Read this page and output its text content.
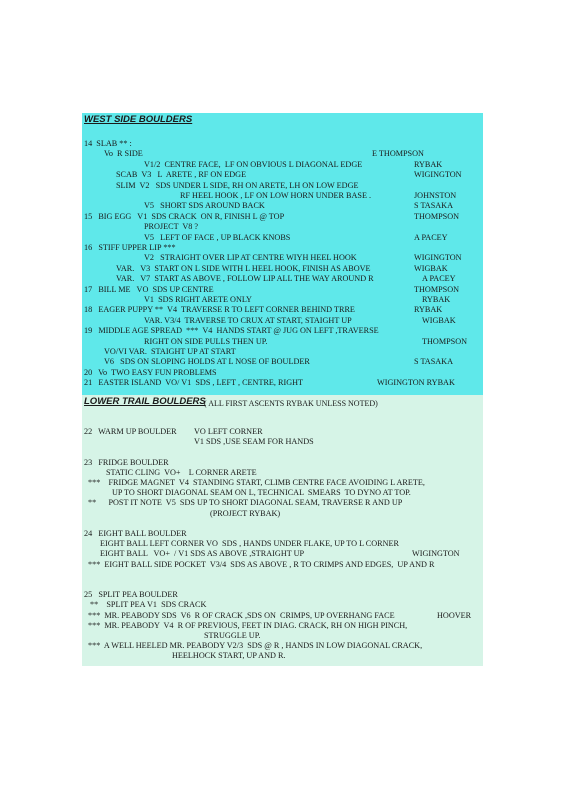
WEST SIDE BOULDERS

14  SLAB ** :
Vo  R SIDE	E THOMPSON
V1/2  CENTRE FACE,  LF ON OBVIOUS L DIAGONAL EDGE	RYBAK
SCAB  V3   L  ARETE , RF ON EDGE	WIGINGTON
SLIM  V2   SDS UNDER L SIDE, RH ON ARETE, LH ON LOW EDGE
RF HEEL HOOK , LF ON LOW HORN UNDER BASE .	JOHNSTON
V5   SHORT SDS AROUND BACK	S TASAKA
15   BIG EGG   V1  SDS CRACK  ON R, FINISH L @ TOP	THOMPSON
PROJECT  V8 ?
V5   LEFT OF FACE , UP BLACK KNOBS	A PACEY
16   STIFF UPPER LIP ***
V2   STRAIGHT OVER LIP AT CENTRE WIYH HEEL HOOK	WIGINGTON
VAR.   V3  START ON L SIDE WITH L HEEL HOOK, FINISH AS ABOVE	WIGBAK
VAR.   V7  START AS ABOVE , FOLLOW LIP ALL THE WAY AROUND R	A PACEY
17   BILL ME   VO  SDS UP CENTRE	THOMPSON
V1  SDS RIGHT ARETE ONLY	RYBAK
18   EAGER PUPPY **  V4  TRAVERSE R TO LEFT CORNER BEHIND TRRE	RYBAK
VAR. V3/4  TRAVERSE TO CRUX AT START, STAIGHT UP	WIGBAK
19   MIDDLE AGE SPREAD  ***  V4  HANDS START @ JUG ON LEFT ,TRAVERSE
RIGHT ON SIDE PULLS THEN UP.	THOMPSON
VO/VI VAR.  STAIGHT UP AT START
V6   SDS ON SLOPING HOLDS AT L NOSE OF BOULDER	S TASAKA
20   Vo  TWO EASY FUN PROBLEMS
21   EASTER ISLAND  VO/ V1  SDS , LEFT , CENTRE, RIGHT	WIGINGTON RYBAK

LOWER TRAIL BOULDERS

( ALL FIRST ASCENTS RYBAK UNLESS NOTED)

22   WARM UP BOULDER VO LEFT CORNER
V1 SDS ,USE SEAM FOR HANDS
23   FRIDGE BOULDER
STATIC CLING  VO+    L CORNER ARETE
***    FRIDGE MAGNET  V4  STANDING START, CLIMB CENTRE FACE AVOIDING L ARETE,
UP TO SHORT DIAGONAL SEAM ON L, TECHNICAL  SMEARS  TO DYNO AT TOP.
**      POST IT NOTE  V5  SDS UP TO SHORT DIAGONAL SEAM, TRAVERSE R AND UP
(PROJECT RYBAK)
24   EIGHT BALL BOULDER
EIGHT BALL LEFT CORNER VO  SDS , HANDS UNDER FLAKE, UP TO L CORNER
EIGHT BALL   VO+  / V1 SDS AS ABOVE ,STRAIGHT UP	WIGINGTON
***  EIGHT BALL SIDE POCKET  V3/4  SDS AS ABOVE , R TO CRIMPS AND EDGES,  UP AND R
25   SPLIT PEA BOULDER
**    SPLIT PEA V1  SDS CRACK
***  MR. PEABODY SDS  V6  R OF CRACK ,SDS ON  CRIMPS, UP OVERHANG FACE	HOOVER
***  MR. PEABODY  V4  R OF PREVIOUS, FEET IN DIAG. CRACK, RH ON HIGH PINCH,
STRUGGLE UP.
***  A WELL HEELED MR. PEABODY V2/3  SDS @ R , HANDS IN LOW DIAGONAL CRACK,
HEELHOCK START, UP AND R.
